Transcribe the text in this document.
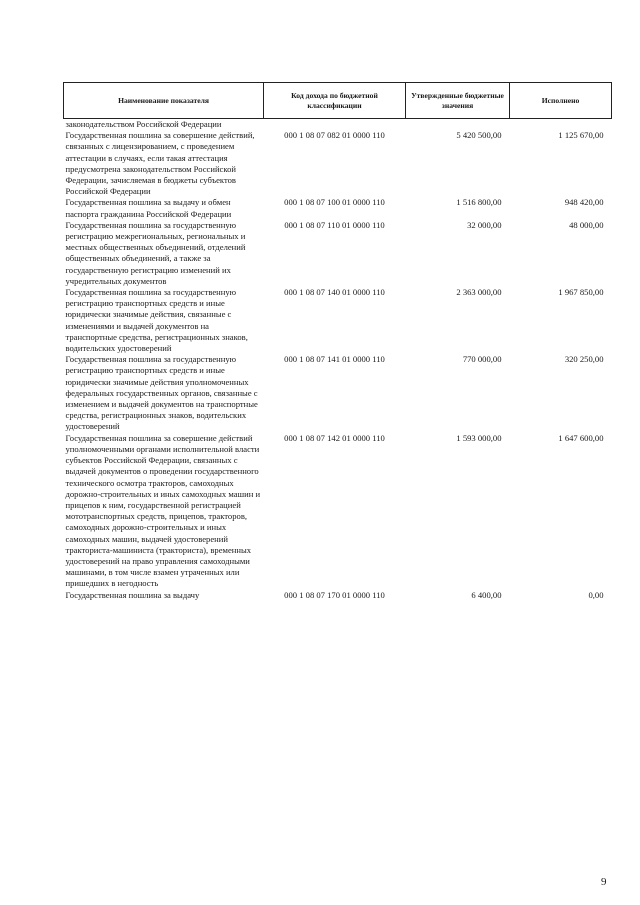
Наименование показателя	Код дохода по бюджетной классификации	Утвержденные бюджетные значения	Исполнено
законодательством Российской Федерации			
Государственная пошлина за совершение действий, связанных с лицензированием, с проведением аттестации в случаях, если такая аттестация предусмотрена законодательством Российской Федерации, зачисляемая в бюджеты субъектов Российской Федерации	000 1 08 07 082 01 0000 110	5 420 500,00	1 125 670,00
Государственная пошлина за выдачу и обмен паспорта гражданина Российской Федерации	000 1 08 07 100 01 0000 110	1 516 800,00	948 420,00
Государственная пошлина за государственную регистрацию межрегиональных, региональных и местных общественных объединений, отделений общественных объединений, а также за государственную регистрацию изменений их учредительных документов	000 1 08 07 110 01 0000 110	32 000,00	48 000,00
Государственная пошлина за государственную регистрацию транспортных средств и иные юридически значимые действия, связанные с изменениями и выдачей документов на транспортные средства, регистрационных знаков, водительских удостоверений	000 1 08 07 140 01 0000 110	2 363 000,00	1 967 850,00
Государственная пошлина за государственную регистрацию транспортных средств и иные юридически значимые действия уполномоченных федеральных государственных органов, связанные с изменением и выдачей документов на транспортные средства, регистрационных знаков, водительских удостоверений	000 1 08 07 141 01 0000 110	770 000,00	320 250,00
Государственная пошлина за совершение действий уполномоченными органами исполнительной власти субъектов Российской Федерации, связанных с выдачей документов о проведении государственного технического осмотра тракторов, самоходных дорожно-строительных и иных самоходных машин и прицепов к ним, государственной регистрацией мототранспортных средств, прицепов, тракторов, самоходных дорожно-строительных и иных самоходных машин, выдачей удостоверений тракториста-машиниста (тракториста), временных удостоверений на право управления самоходными машинами, в том числе взамен утраченных или пришедших в негодность	000 1 08 07 142 01 0000 110	1 593 000,00	1 647 600,00
Государственная пошлина за выдачу	000 1 08 07 170 01 0000 110	6 400,00	0,00
9
